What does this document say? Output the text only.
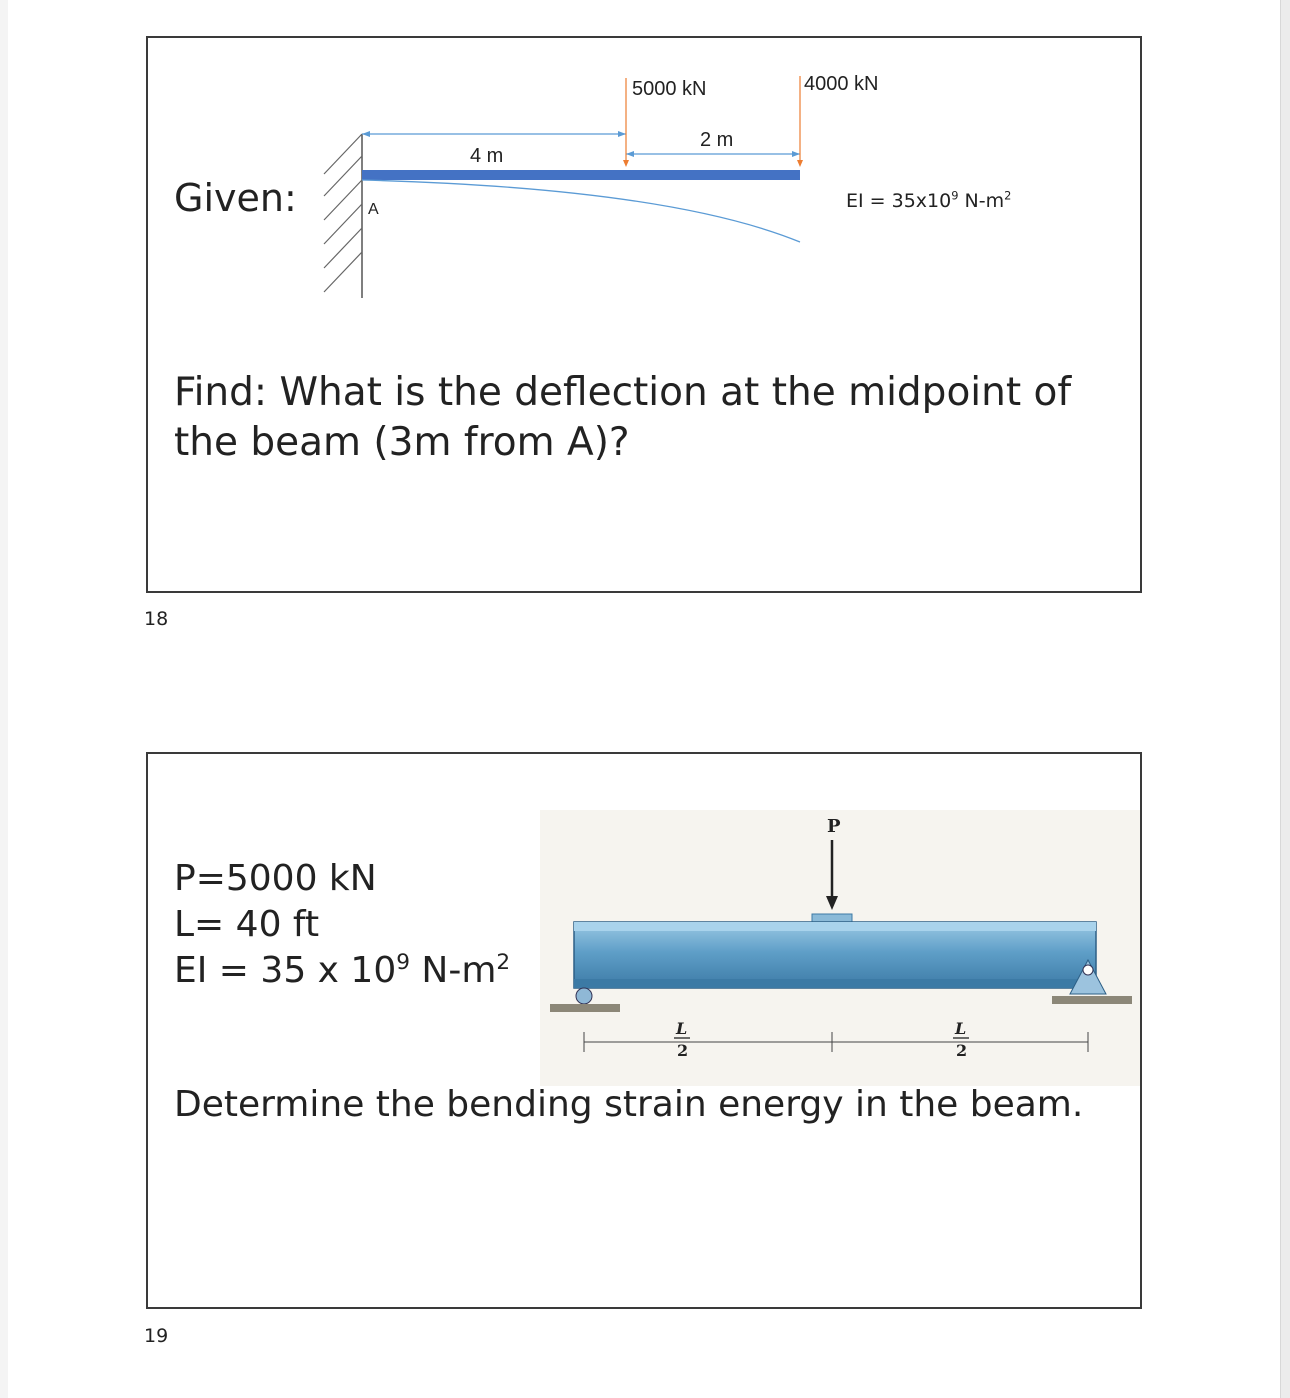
5000 kN	4000 kN
4 m
2 m
A
Given:	EI = $35x10^9$ $N-m^2$
Find: What is the deflection at the midpoint of the beam (3m from A)?
18
P=5000 kN
L= 40 ft
EI = 35 x $10^9$ $N-m^2$
P
L
2
L
2
Determine the bending strain energy in the beam.
19
